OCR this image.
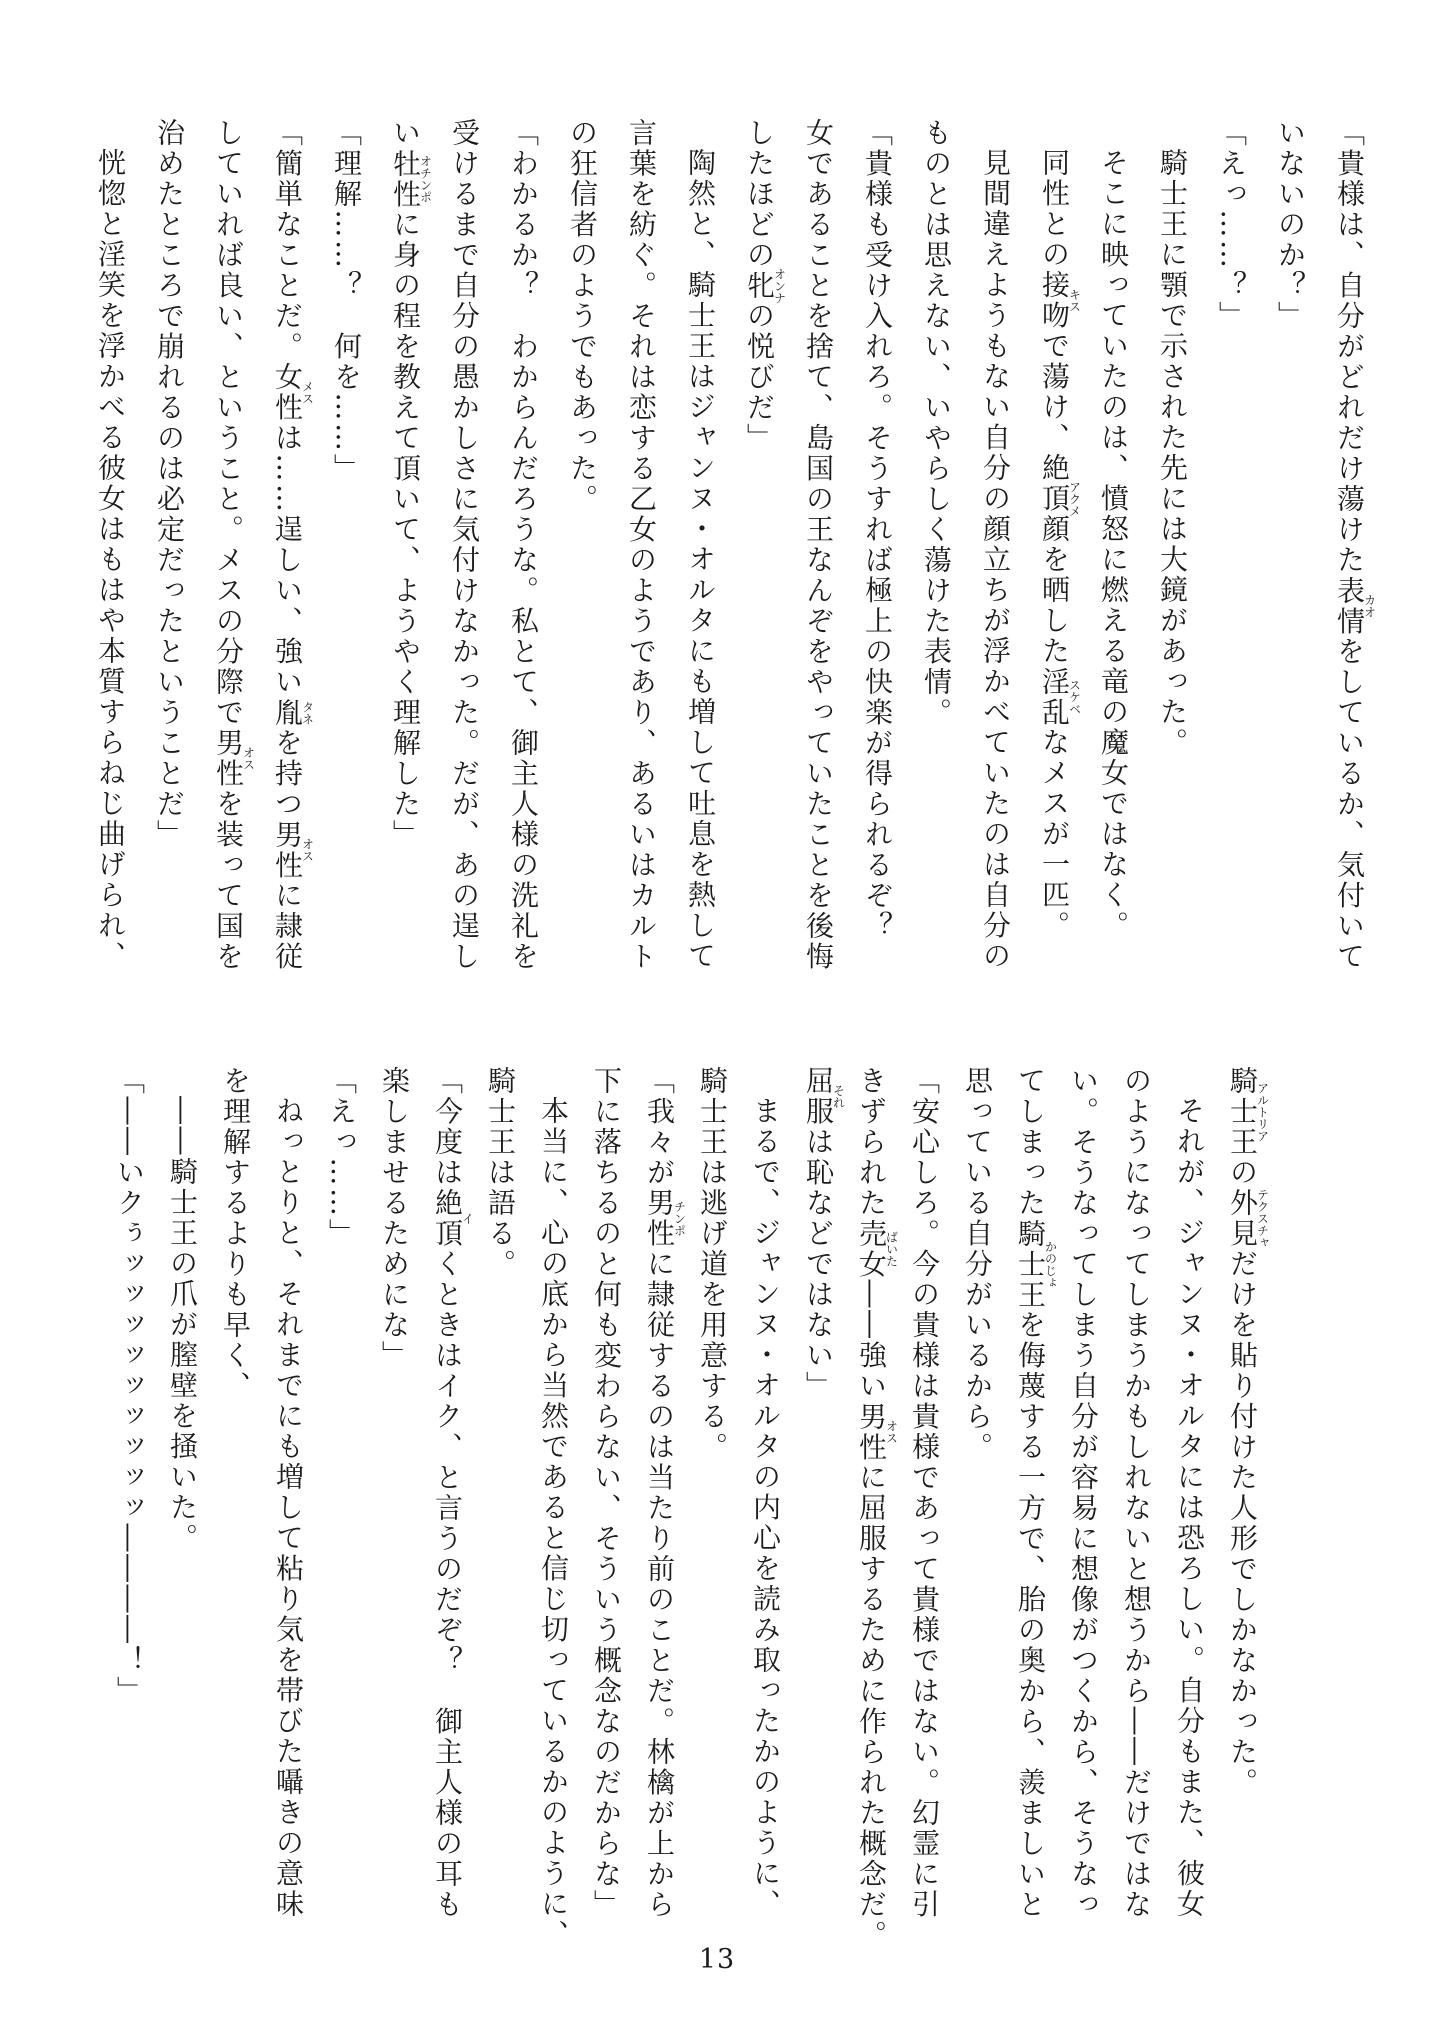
「貴様は、自分がどれだけ蕩けた表情カオをしているか、気付いて

いないのか？」

「えっ……？」

騎士王に顎で示された先には大鏡があった。

そこに映っていたのは、憤怒に燃える竜の魔女ではなく。

同性との接吻キスで蕩け、絶頂顔アクメを晒した淫乱スケベなメスが一匹。

見間違えようもない自分の顔立ちが浮かべていたのは自分の

ものとは思えない、いやらしく蕩けた表情。

「貴様も受け入れろ。そうすれば極上の快楽が得られるぞ？

女であることを捨て、島国の王なんぞをやっていたことを後悔

したほどの牝オンナの悦びだ」

陶然と、騎士王はジャンヌ・オルタにも増して吐息を熱して

言葉を紡ぐ。それは恋する乙女のようであり、あるいはカルト

の狂信者のようでもあった。

「わかるか？　わからんだろうな。私とて、御主人様の洗礼を

受けるまで自分の愚かしさに気付けなかった。だが、あの逞し

い牡性オチンポに身の程を教えて頂いて、ようやく理解した」

「理解……？　何を……」

「簡単なことだ。女性メスは……逞しい、強い胤タネを持つ男性オスに隷従

していれば良い、ということ。メスの分際で男性オスを装って国を

治めたところで崩れるのは必定だったということだ」

恍惚と淫笑を浮かべる彼女はもはや本質すらねじ曲げられ、

騎士王アルトリアの外見テクスチャだけを貼り付けた人形でしかなかった。

それが、ジャンヌ・オルタには恐ろしい。自分もまた、彼女

のようになってしまうかもしれないと想うから――だけではな

い。そうなってしまう自分が容易に想像がつくから、そうなっ

てしまった騎士王かのじょを侮蔑する一方で、胎の奥から、羨ましいと

思っている自分がいるから。

「安心しろ。今の貴様は貴様であって貴様ではない。幻霊に引

きずられた売女ばいた――強い男性オスに屈服するために作られた概念だ。

屈服それは恥などではない」

まるで、ジャンヌ・オルタの内心を読み取ったかのように、

騎士王は逃げ道を用意する。

「我々が男性チンポに隷従するのは当たり前のことだ。林檎が上から

下に落ちるのと何も変わらない、そういう概念なのだからな」

本当に、心の底から当然であると信じ切っているかのように、

騎士王は語る。

「今度は絶頂イくときはイク、と言うのだぞ？　御主人様の耳も

楽しませるためにな」

「えっ……」

ねっとりと、それまでにも増して粘り気を帯びた囁きの意味

を理解するよりも早く、

――騎士王の爪が膣壁を掻いた。

「――いクぅッッッッッッッッッ――――！」

13
